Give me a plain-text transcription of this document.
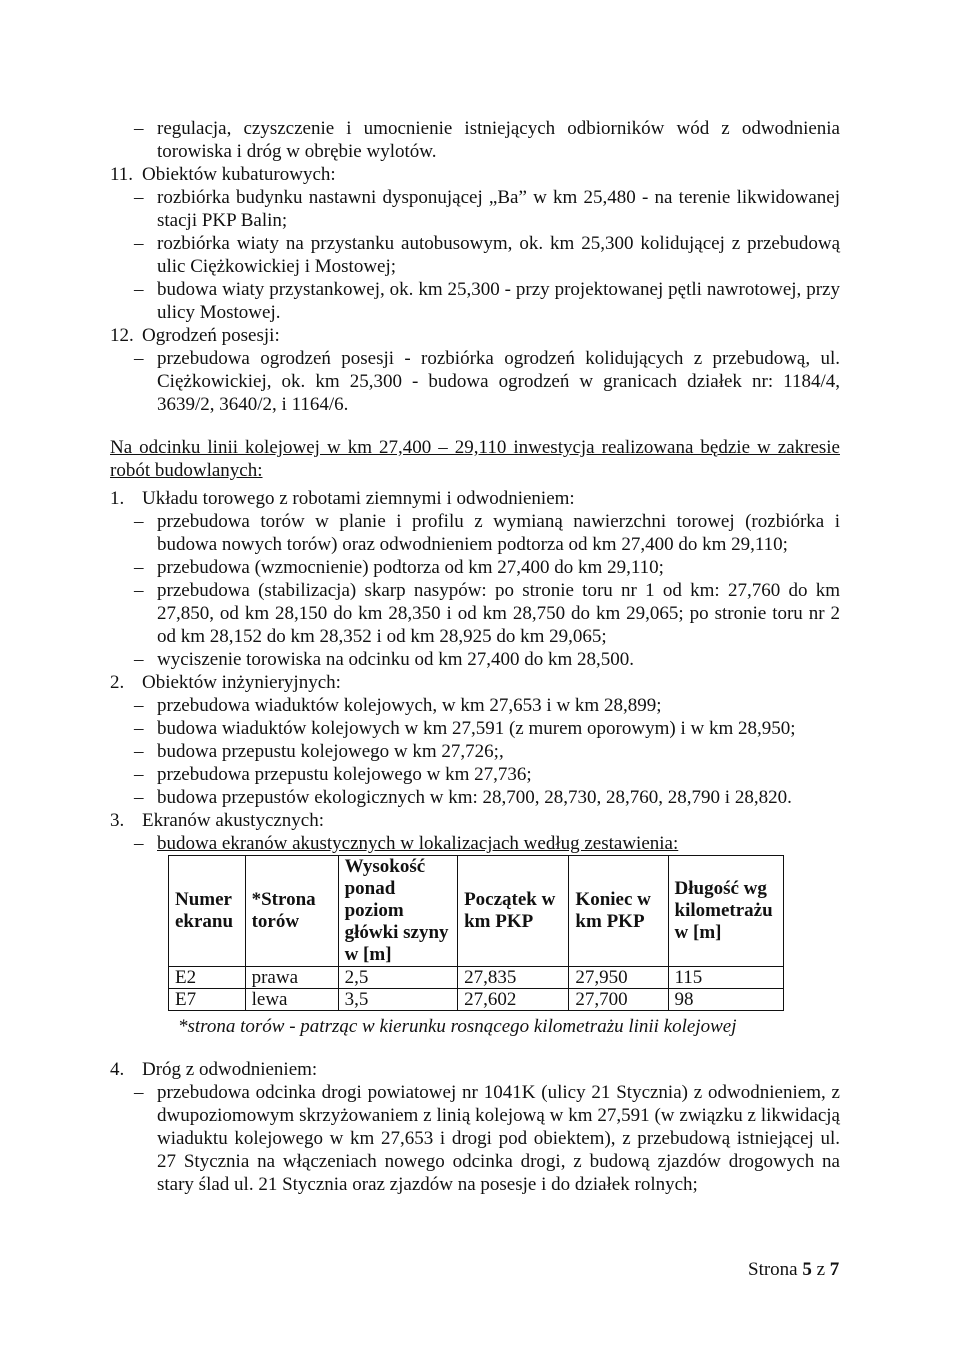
– regulacja, czyszczenie i umocnienie istniejących odbiorników wód z odwodnienia torowiska i dróg w obrębie wylotów.
11. Obiektów kubaturowych:
– rozbiórka budynku nastawni dysponującej „Ba” w km 25,480 - na terenie likwidowanej stacji PKP Balin;
– rozbiórka wiaty na przystanku autobusowym, ok. km 25,300 kolidującej z przebudową ulic Ciężkowickiej i Mostowej;
– budowa wiaty przystankowej, ok. km 25,300 - przy projektowanej pętli nawrotowej, przy ulicy Mostowej.
12. Ogrodzeń posesji:
– przebudowa ogrodzeń posesji - rozbiórka ogrodzeń kolidujących z przebudową, ul. Ciężkowickiej, ok. km 25,300 - budowa ogrodzeń w granicach działek nr: 1184/4, 3639/2, 3640/2, i 1164/6.
Na odcinku linii kolejowej w km 27,400 – 29,110 inwestycja realizowana będzie w zakresie robót budowlanych:
1. Układu torowego z robotami ziemnymi i odwodnieniem:
– przebudowa torów w planie i profilu z wymianą nawierzchni torowej (rozbiórka i budowa nowych torów) oraz odwodnieniem podtorza od km 27,400 do km 29,110;
– przebudowa (wzmocnienie) podtorza od km 27,400 do km 29,110;
– przebudowa (stabilizacja) skarp nasypów: po stronie toru nr 1 od km: 27,760 do km 27,850, od km 28,150 do km 28,350 i od km 28,750 do km 29,065; po stronie toru nr 2 od km 28,152 do km 28,352 i od km 28,925 do km 29,065;
– wyciszenie torowiska na odcinku od km 27,400 do km 28,500.
2. Obiektów inżynieryjnych:
– przebudowa wiaduktów kolejowych, w km 27,653 i w km 28,899;
– budowa wiaduktów kolejowych w km 27,591 (z murem oporowym) i w km 28,950;
– budowa przepustu kolejowego w km 27,726;,
– przebudowa przepustu kolejowego w km 27,736;
– budowa przepustów ekologicznych w km: 28,700, 28,730, 28,760, 28,790 i 28,820.
3. Ekranów akustycznych:
– budowa ekranów akustycznych w lokalizacjach według zestawienia:
Numer ekranu	*Strona torów	Wysokość ponad poziom główki szyny w [m]	Początek w km PKP	Koniec w km PKP	Długość wg kilometrażu w [m]
E2	prawa	2,5	27,835	27,950	115
E7	lewa	3,5	27,602	27,700	98
*strona torów - patrząc w kierunku rosnącego kilometrażu linii kolejowej
4. Dróg z odwodnieniem:
– przebudowa odcinka drogi powiatowej nr 1041K (ulicy 21 Stycznia) z odwodnieniem, z dwupoziomowym skrzyżowaniem z linią kolejową w km 27,591 (w związku z likwidacją wiaduktu kolejowego w km 27,653 i drogi pod obiektem), z przebudową istniejącej ul. 27 Stycznia na włączeniach nowego odcinka drogi, z budową zjazdów drogowych na stary ślad ul. 21 Stycznia oraz zjazdów na posesje i do działek rolnych;
Strona 5 z 7
